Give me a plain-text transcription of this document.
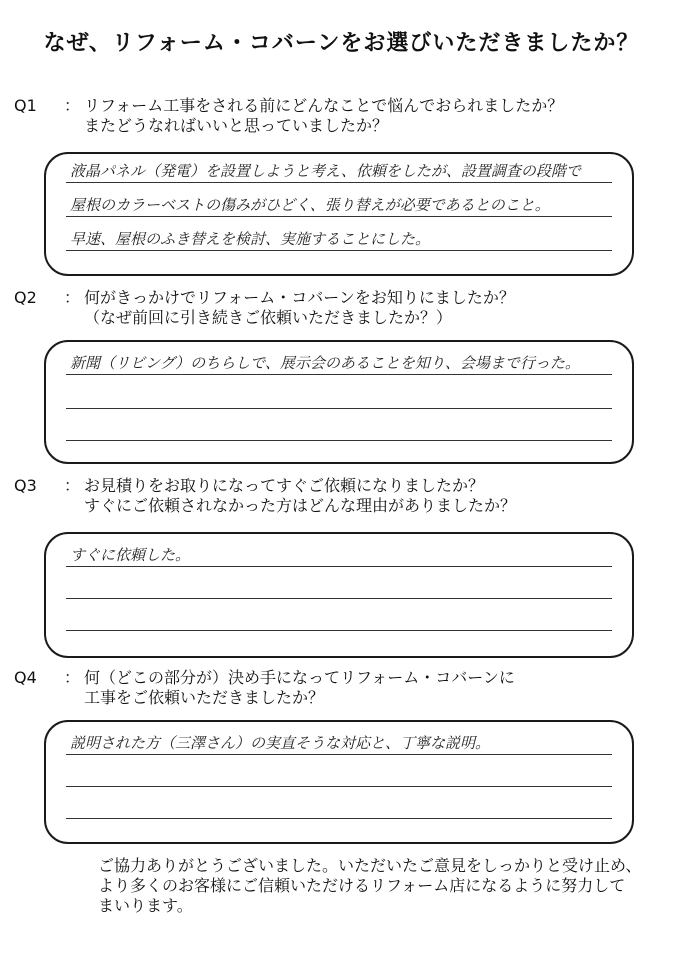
なぜ、リフォーム・コバーンをお選びいただきましたか？
Q1	： リフォーム工事をされる前にどんなことで悩んでおられましたか？
またどうなればいいと思っていましたか？
液晶パネル（発電）を設置しようと考え、依頼をしたが、設置調査の段階で
屋根のカラーベストの傷みがひどく、張り替えが必要であるとのこと。
早速、屋根のふき替えを検討、実施することにした。
Q2	： 何がきっかけでリフォーム・コバーンをお知りにましたか？
（なぜ前回に引き続きご依頼いただきましたか？）
新聞（リビング）のちらしで、展示会のあることを知り、会場まで行った。
Q3	： お見積りをお取りになってすぐご依頼になりましたか？
すぐにご依頼されなかった方はどんな理由がありましたか？
すぐに依頼した。
Q4	： 何（どこの部分が）決め手になってリフォーム・コバーンに
工事をご依頼いただきましたか？
説明された方（三澤さん）の実直そうな対応と、丁寧な説明。
ご協力ありがとうございました。いただいたご意見をしっかりと受け止め、
より多くのお客様にご信頼いただけるリフォーム店になるように努力して
まいります。
